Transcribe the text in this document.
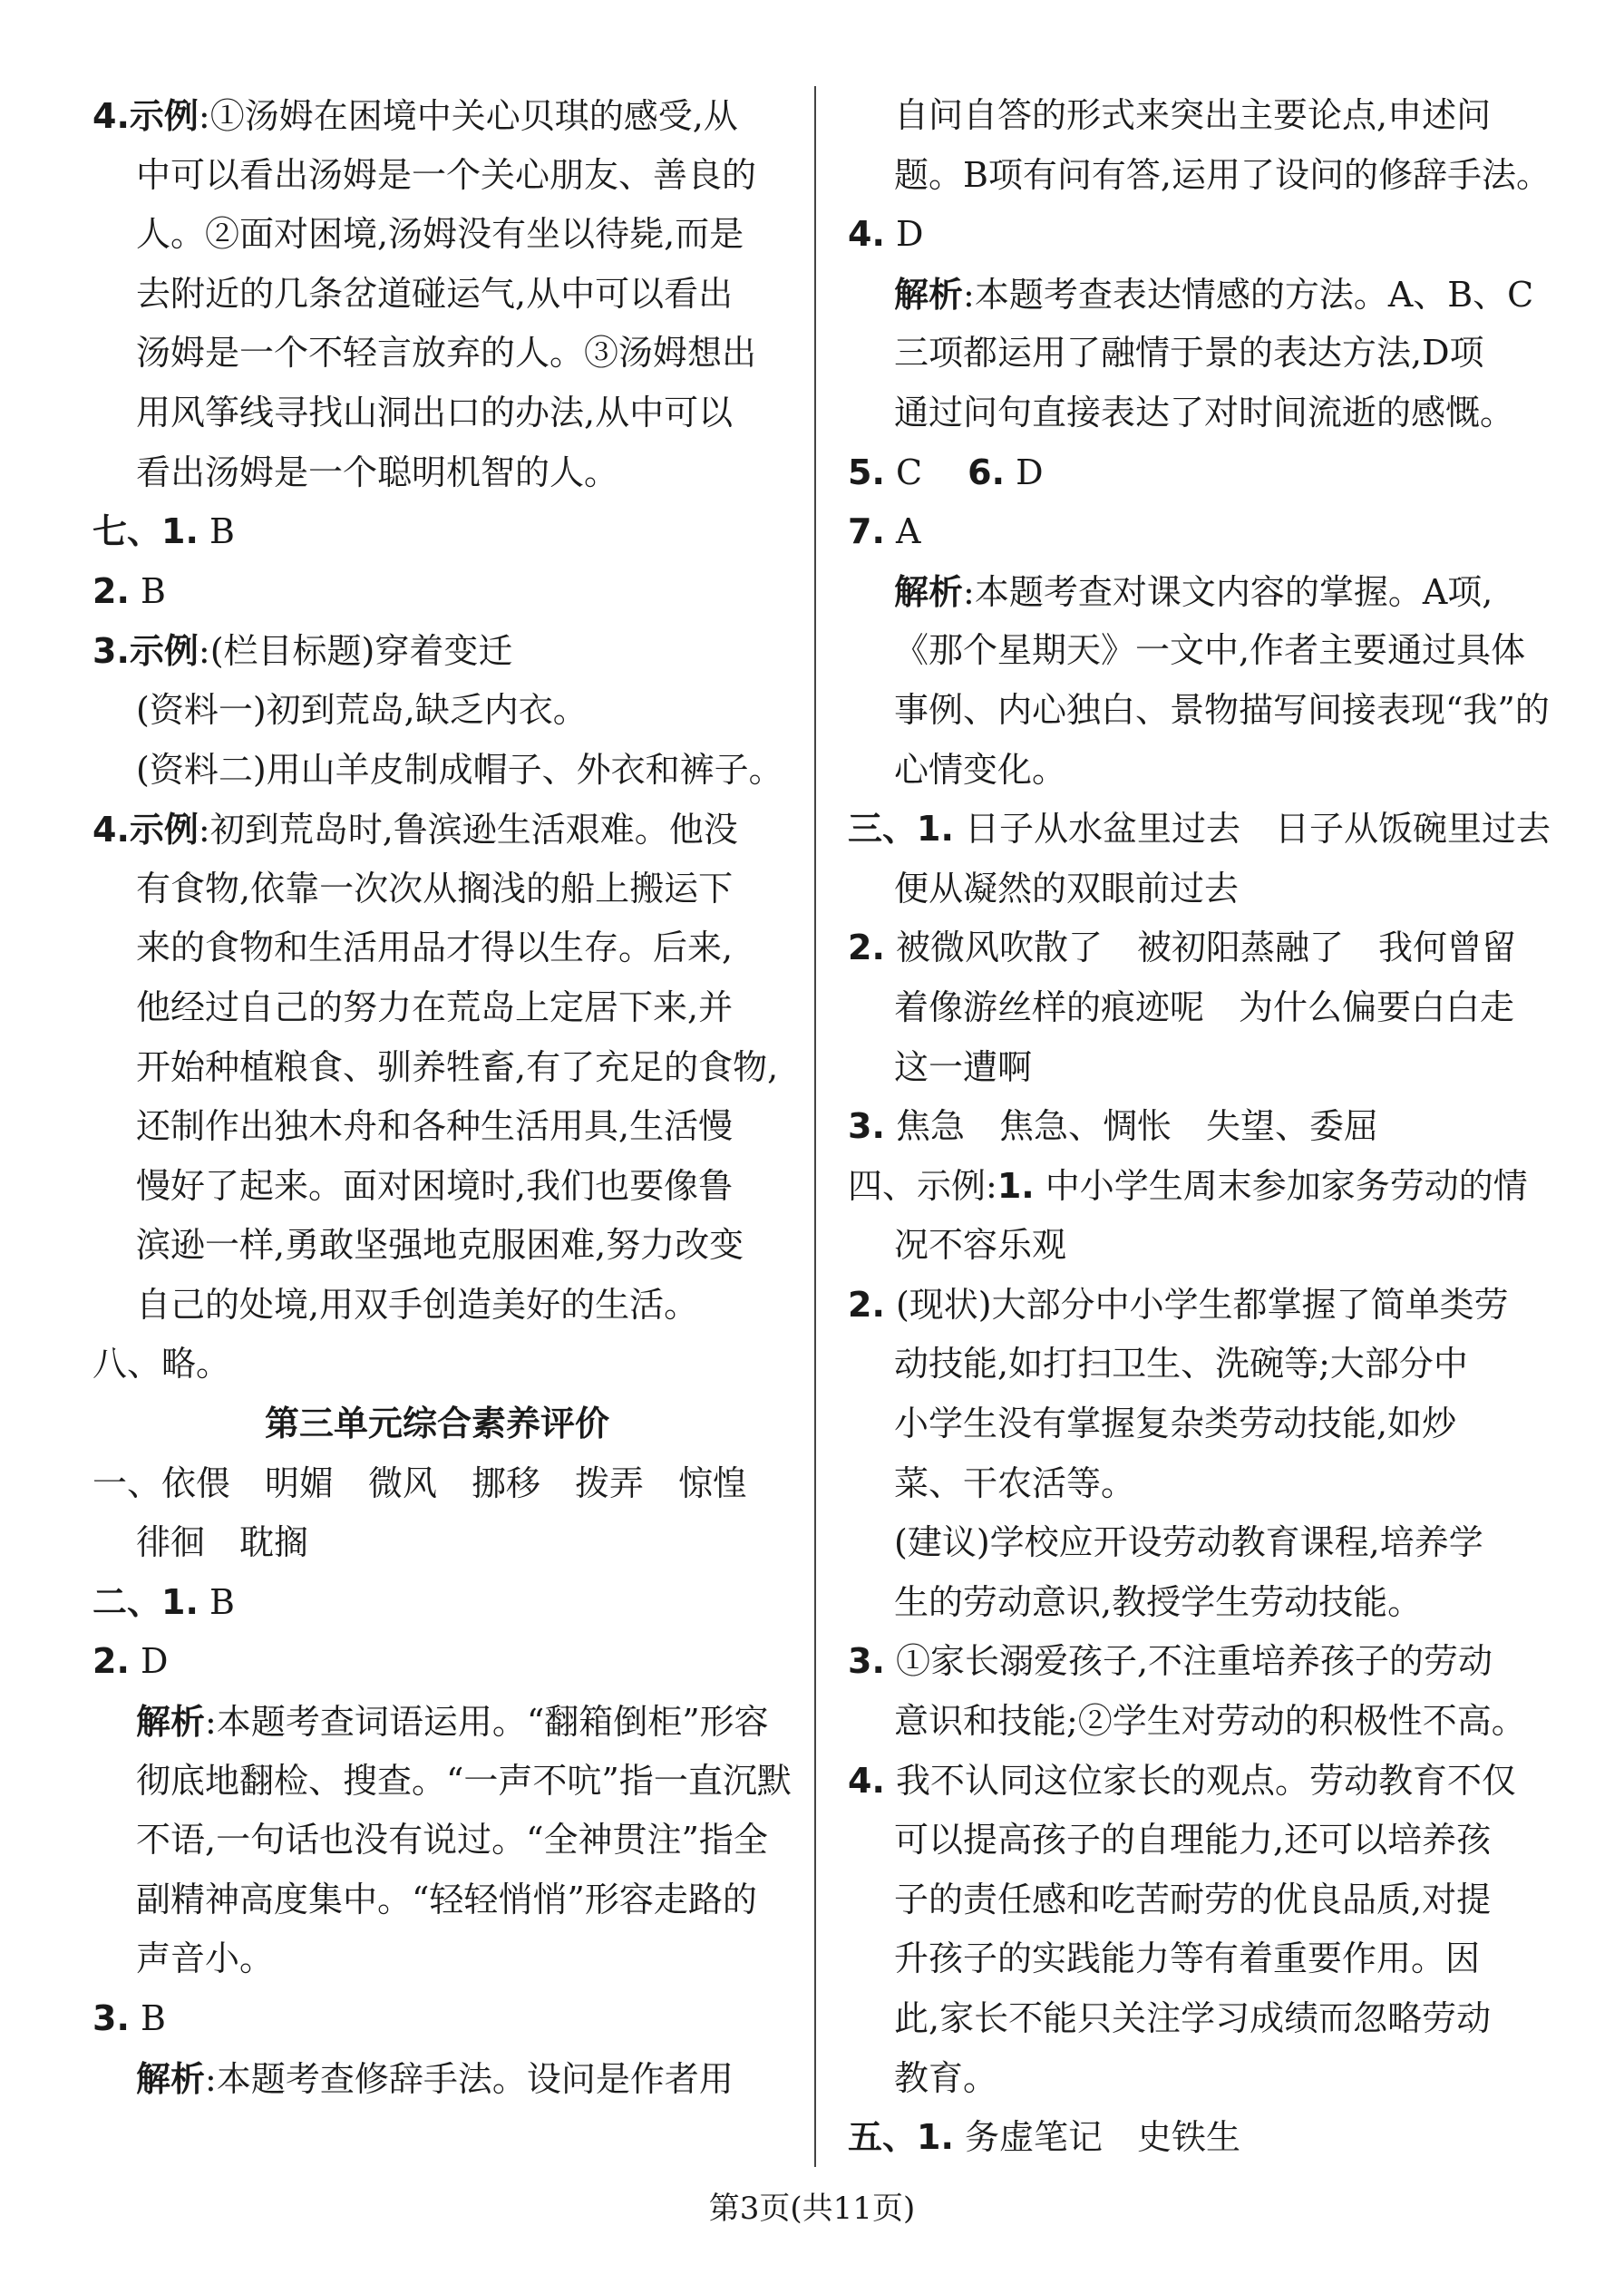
4.示例:①汤姆在困境中关心贝琪的感受,从
中可以看出汤姆是一个关心朋友、善良的
人。②面对困境,汤姆没有坐以待毙,而是
去附近的几条岔道碰运气,从中可以看出
汤姆是一个不轻言放弃的人。③汤姆想出
用风筝线寻找山洞出口的办法,从中可以
看出汤姆是一个聪明机智的人。
七、1. B
2. B
3.示例:(栏目标题)穿着变迁
(资料一)初到荒岛,缺乏内衣。
(资料二)用山羊皮制成帽子、外衣和裤子。
4.示例:初到荒岛时,鲁滨逊生活艰难。他没
有食物,依靠一次次从搁浅的船上搬运下
来的食物和生活用品才得以生存。后来,
他经过自己的努力在荒岛上定居下来,并
开始种植粮食、驯养牲畜,有了充足的食物,
还制作出独木舟和各种生活用具,生活慢
慢好了起来。面对困境时,我们也要像鲁
滨逊一样,勇敢坚强地克服困难,努力改变
自己的处境,用双手创造美好的生活。
八、略。
第三单元综合素养评价
一、依偎　明媚　微风　挪移　拨弄　惊惶
徘徊　耽搁
二、1. B
2. D
解析:本题考查词语运用。“翻箱倒柜”形容
彻底地翻检、搜查。“一声不吭”指一直沉默
不语,一句话也没有说过。“全神贯注”指全
副精神高度集中。“轻轻悄悄”形容走路的
声音小。
3. B
解析:本题考查修辞手法。设问是作者用
自问自答的形式来突出主要论点,申述问
题。B项有问有答,运用了设问的修辞手法。
4. D
解析:本题考查表达情感的方法。A、B、C
三项都运用了融情于景的表达方法,D项
通过问句直接表达了对时间流逝的感慨。
5. C　 6. D
7. A
解析:本题考查对课文内容的掌握。A项,
《那个星期天》一文中,作者主要通过具体
事例、内心独白、景物描写间接表现“我”的
心情变化。
三、1. 日子从水盆里过去　日子从饭碗里过去
便从凝然的双眼前过去
2. 被微风吹散了　被初阳蒸融了　我何曾留
着像游丝样的痕迹呢　为什么偏要白白走
这一遭啊
3. 焦急　焦急、惆怅　失望、委屈
四、示例:1. 中小学生周末参加家务劳动的情
况不容乐观
2. (现状)大部分中小学生都掌握了简单类劳
动技能,如打扫卫生、洗碗等;大部分中
小学生没有掌握复杂类劳动技能,如炒
菜、干农活等。
(建议)学校应开设劳动教育课程,培养学
生的劳动意识,教授学生劳动技能。
3. ①家长溺爱孩子,不注重培养孩子的劳动
意识和技能;②学生对劳动的积极性不高。
4. 我不认同这位家长的观点。劳动教育不仅
可以提高孩子的自理能力,还可以培养孩
子的责任感和吃苦耐劳的优良品质,对提
升孩子的实践能力等有着重要作用。因
此,家长不能只关注学习成绩而忽略劳动
教育。
五、1. 务虚笔记　史铁生
第3页(共11页)
